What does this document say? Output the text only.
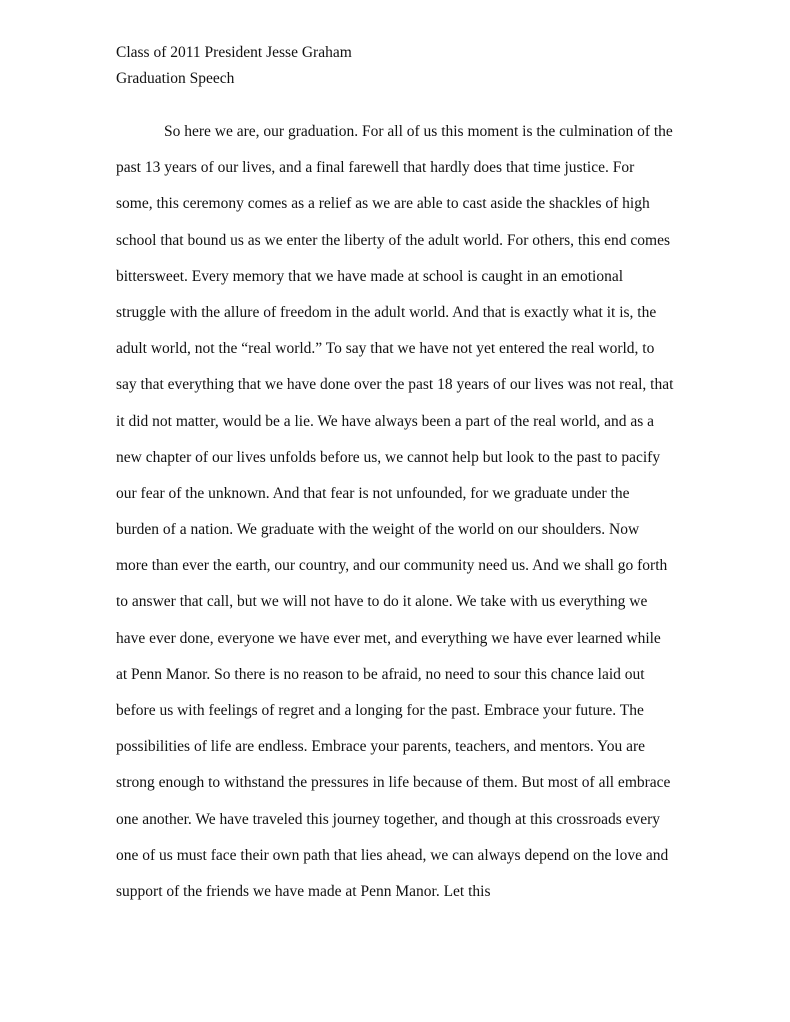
Class of 2011 President Jesse Graham
Graduation Speech
So here we are, our graduation. For all of us this moment is the culmination of the
past 13 years of our lives, and a final farewell that hardly does that time justice. For
some, this ceremony comes as a relief as we are able to cast aside the shackles of high
school that bound us as we enter the liberty of the adult world. For others, this end comes
bittersweet. Every memory that we have made at school is caught in an emotional
struggle with the allure of freedom in the adult world. And that is exactly what it is, the
adult world, not the “real world.” To say that we have not yet entered the real world, to
say that everything that we have done over the past 18 years of our lives was not real, that
it did not matter, would be a lie. We have always been a part of the real world, and as a
new chapter of our lives unfolds before us, we cannot help but look to the past to pacify
our fear of the unknown. And that fear is not unfounded, for we graduate under the
burden of a nation. We graduate with the weight of the world on our shoulders. Now
more than ever the earth, our country, and our community need us. And we shall go forth
to answer that call, but we will not have to do it alone. We take with us everything we
have ever done, everyone we have ever met, and everything we have ever learned while
at Penn Manor. So there is no reason to be afraid, no need to sour this chance laid out
before us with feelings of regret and a longing for the past. Embrace your future. The
possibilities of life are endless. Embrace your parents, teachers, and mentors. You are
strong enough to withstand the pressures in life because of them. But most of all embrace
one another. We have traveled this journey together, and though at this crossroads every
one of us must face their own path that lies ahead, we can always depend on the love and
support of the friends we have made at Penn Manor. Let this
